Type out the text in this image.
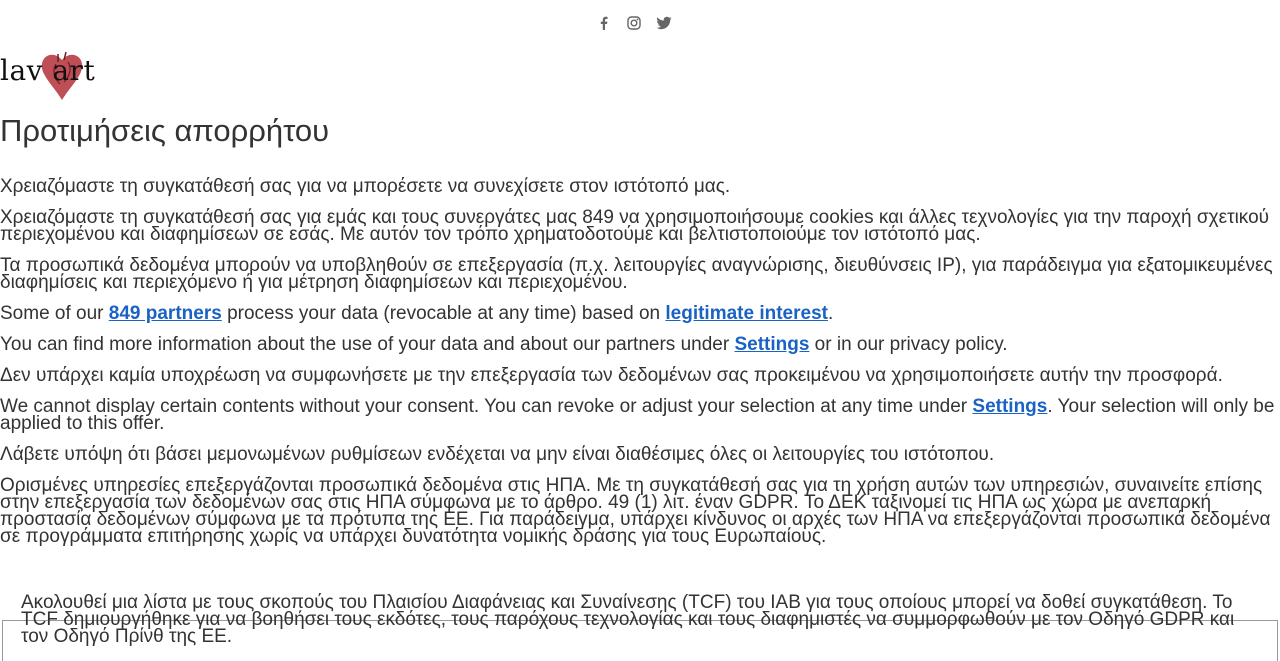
lav art
Προτιμήσεις απορρήτου

Χρειαζόμαστε τη συγκατάθεσή σας για να μπορέσετε να συνεχίσετε στον ιστότοπό μας.

Χρειαζόμαστε τη συγκατάθεσή σας για εμάς και τους συνεργάτες μας 849 να χρησιμοποιήσουμε cookies και άλλες τεχνολογίες για την παροχή σχετικού περιεχομένου και διαφημίσεων σε εσάς. Με αυτόν τον τρόπο χρηματοδοτούμε και βελτιστοποιούμε τον ιστότοπό μας.

Τα προσωπικά δεδομένα μπορούν να υποβληθούν σε επεξεργασία (π.χ. λειτουργίες αναγνώρισης, διευθύνσεις IP), για παράδειγμα για εξατομικευμένες διαφημίσεις και περιεχόμενο ή για μέτρηση διαφημίσεων και περιεχομένου.

Some of our 849 partners process your data (revocable at any time) based on legitimate interest.

You can find more information about the use of your data and about our partners under Settings or in our privacy policy.

Δεν υπάρχει καμία υποχρέωση να συμφωνήσετε με την επεξεργασία των δεδομένων σας προκειμένου να χρησιμοποιήσετε αυτήν την προσφορά.

We cannot display certain contents without your consent. You can revoke or adjust your selection at any time under Settings. Your selection will only be applied to this offer.

Λάβετε υπόψη ότι βάσει μεμονωμένων ρυθμίσεων ενδέχεται να μην είναι διαθέσιμες όλες οι λειτουργίες του ιστότοπου.

Ορισμένες υπηρεσίες επεξεργάζονται προσωπικά δεδομένα στις ΗΠΑ. Με τη συγκατάθεσή σας για τη χρήση αυτών των υπηρεσιών, συναινείτε επίσης στην επεξεργασία των δεδομένων σας στις ΗΠΑ σύμφωνα με το άρθρο. 49 (1) λιτ. έναν GDPR. Το ΔΕΚ ταξινομεί τις ΗΠΑ ως χώρα με ανεπαρκή προστασία δεδομένων σύμφωνα με τα πρότυπα της ΕΕ. Για παράδειγμα, υπάρχει κίνδυνος οι αρχές των ΗΠΑ να επεξεργάζονται προσωπικά δεδομένα σε προγράμματα επιτήρησης χωρίς να υπάρχει δυνατότητα νομικής δράσης για τους Ευρωπαίους.

Ακολουθεί μια λίστα με τους σκοπούς του Πλαισίου Διαφάνειας και Συναίνεσης (TCF) του IAB για τους οποίους μπορεί να δοθεί συγκατάθεση. Το TCF δημιουργήθηκε για να βοηθήσει τους εκδότες, τους παρόχους τεχνολογίας και τους διαφημιστές να συμμορφωθούν με τον Οδηγό GDPR και τον Οδηγό Πρίνθ της ΕΕ.
